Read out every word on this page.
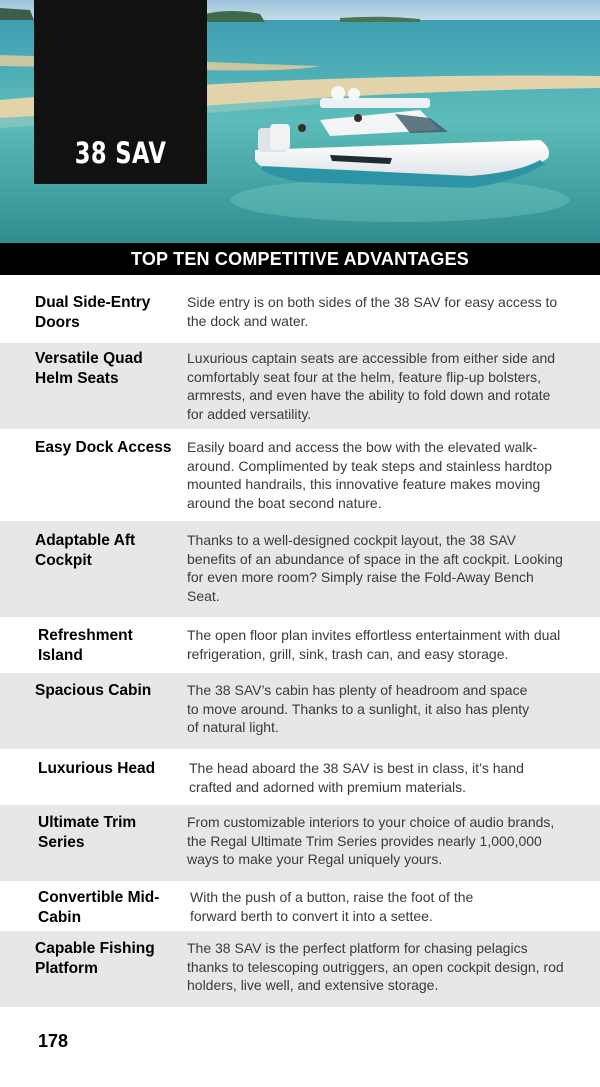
38 SAV
TOP TEN COMPETITIVE ADVANTAGES
Dual Side-Entry Doors
Side entry is on both sides of the 38 SAV for easy access to the dock and water.
Versatile Quad Helm Seats
Luxurious captain seats are accessible from either side and comfortably seat four at the helm, feature flip-up bolsters, armrests, and even have the ability to fold down and rotate for added versatility.
Easy Dock Access Easily board and access the bow with the elevated walk-around. Complimented by teak steps and stainless hardtop mounted handrails, this innovative feature makes moving around the boat second nature.
Adaptable Aft Cockpit
Thanks to a well-designed cockpit layout, the 38 SAV benefits of an abundance of space in the aft cockpit. Looking for even more room? Simply raise the Fold-Away Bench Seat.
Refreshment Island
The open floor plan invites effortless entertainment with dual refrigeration, grill, sink, trash can, and easy storage.
Spacious Cabin	The 38 SAV’s cabin has plenty of headroom and space to move around. Thanks to a sunlight, it also has plenty of natural light.
Luxurious Head	The head aboard the 38 SAV is best in class, it’s hand crafted and adorned with premium materials.
Ultimate Trim Series
From customizable interiors to your choice of audio brands, the Regal Ultimate Trim Series provides nearly 1,000,000 ways to make your Regal uniquely yours.
Convertible Mid-Cabin
With the push of a button, raise the foot of the forward berth to convert it into a settee.
Capable Fishing Platform
The 38 SAV is the perfect platform for chasing pelagics thanks to telescoping outriggers, an open cockpit design, rod holders, live well, and extensive storage.
178
